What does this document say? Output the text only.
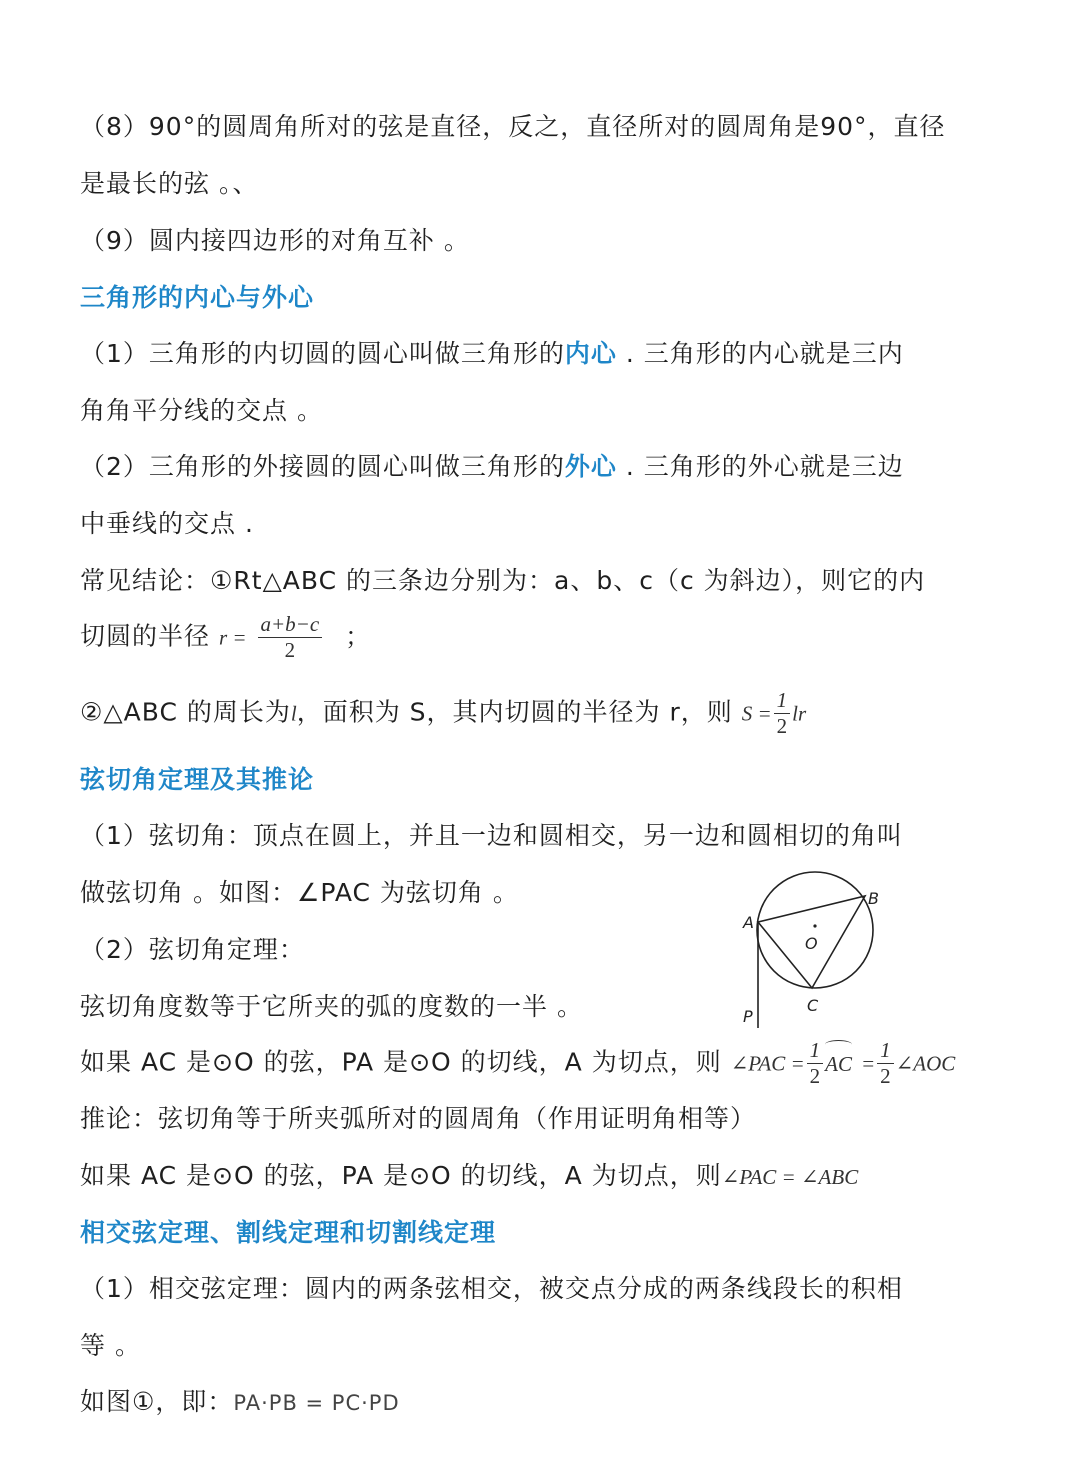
（8）90°的圆周角所对的弦是直径，反之，直径所对的圆周角是90°，直径
是最长的弦 。、
（9）圆内接四边形的对角互补 。
三角形的内心与外心
（1）三角形的内切圆的圆心叫做三角形的内心 . 三角形的内心就是三内
角角平分线的交点 。
（2）三角形的外接圆的圆心叫做三角形的外心 . 三角形的外心就是三边
中垂线的交点 .
常见结论：①Rt△ABC 的三条边分别为：a、b、c（c 为斜边），则它的内
切圆的半径 $r = \frac{a+b-c}{2}$ ；
②△ABC 的周长为l，面积为 S，其内切圆的半径为 r，则 $S = \frac{1}{2}$ lr
弦切角定理及其推论
（1）弦切角：顶点在圆上，并且一边和圆相交，另一边和圆相切的角叫
做弦切角 。如图：∠PAC 为弦切角 。
（2）弦切角定理：
弦切角度数等于它所夹的弧的度数的一半 。
如果 AC 是⊙O 的弦，PA 是⊙O 的切线，A 为切点，则 ∠PAC = $\frac{1}{2}$ AC = $\frac{1}{2}$ ∠AOC
推论：弦切角等于所夹弧所对的圆周角（作用证明角相等）
如果 AC 是⊙O 的弦，PA 是⊙O 的切线，A 为切点，则∠PAC = ∠ABC
相交弦定理、割线定理和切割线定理
（1）相交弦定理：圆内的两条弦相交，被交点分成的两条线段长的积相
等 。
如图①，即：PA·PB = PC·PD
A
B
O
C
P
